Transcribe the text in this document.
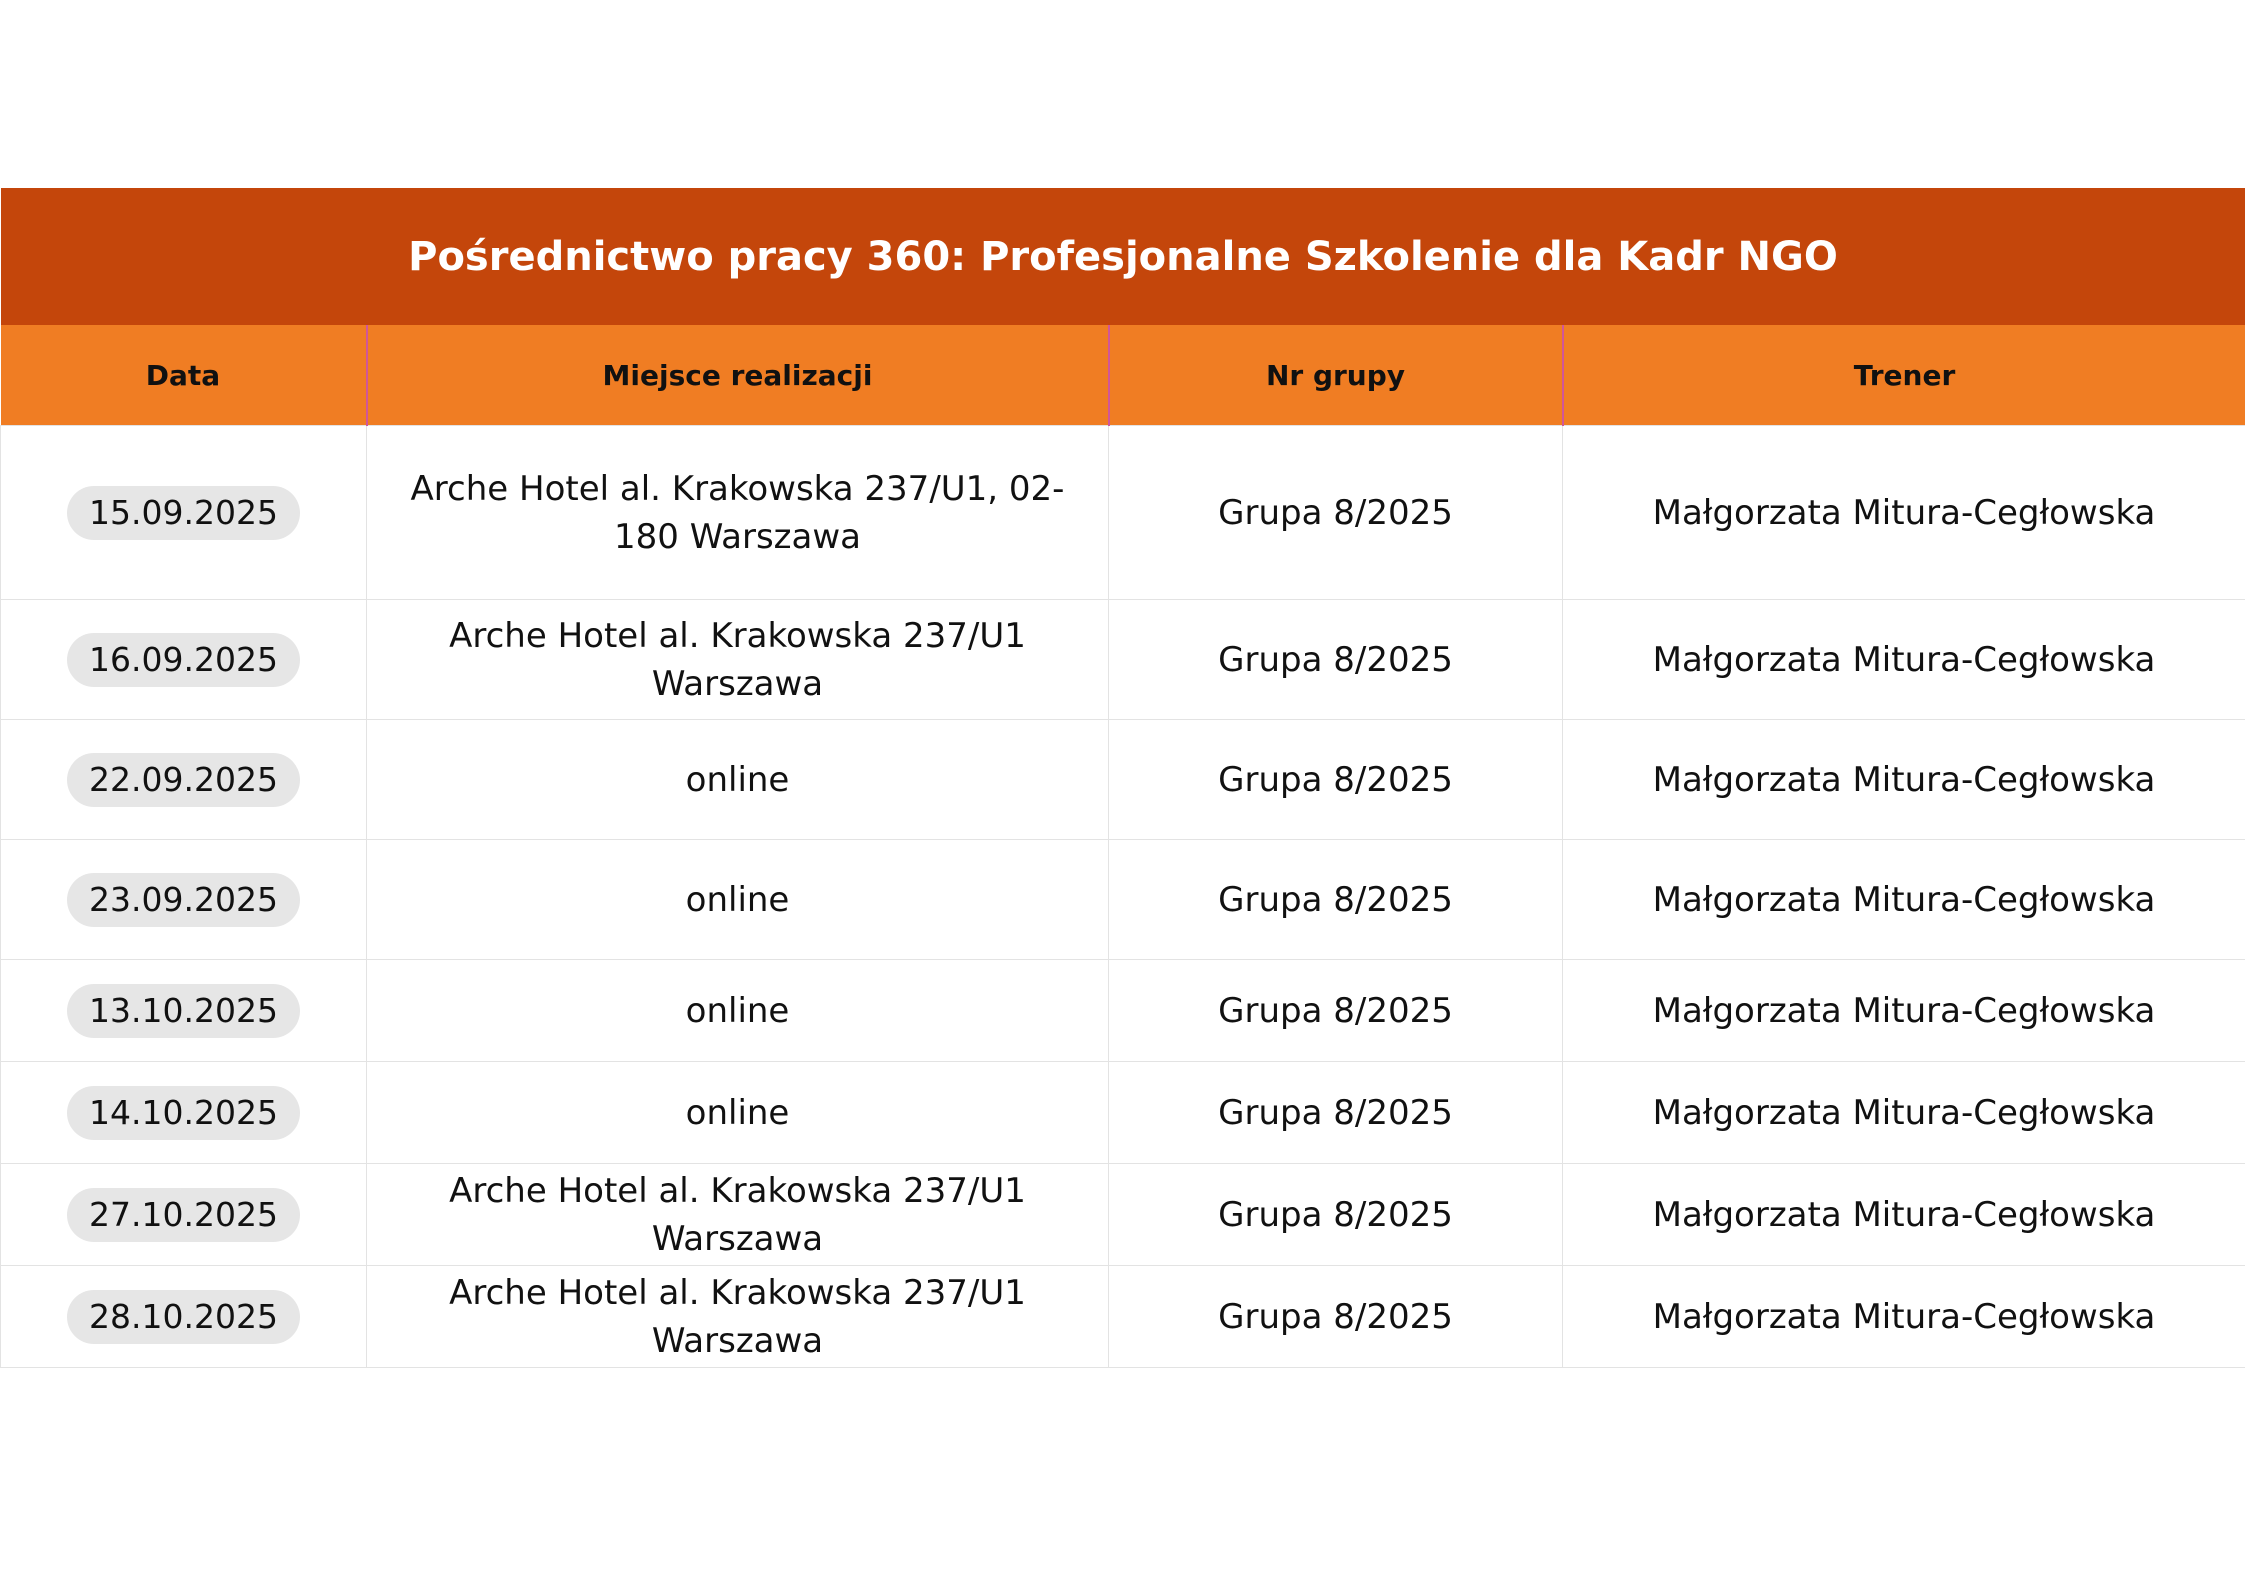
Pośrednictwo pracy 360: Profesjonalne Szkolenie dla Kadr NGO			
Data	Miejsce realizacji	Nr grupy	Trener
15.09.2025	Arche Hotel al. Krakowska 237/U1, 02-180 Warszawa	Grupa 8/2025	Małgorzata Mitura-Cegłowska
16.09.2025	Arche Hotel al. Krakowska 237/U1 Warszawa	Grupa 8/2025	Małgorzata Mitura-Cegłowska
22.09.2025	online	Grupa 8/2025	Małgorzata Mitura-Cegłowska
23.09.2025	online	Grupa 8/2025	Małgorzata Mitura-Cegłowska
13.10.2025	online	Grupa 8/2025	Małgorzata Mitura-Cegłowska
14.10.2025	online	Grupa 8/2025	Małgorzata Mitura-Cegłowska
27.10.2025	Arche Hotel al. Krakowska 237/U1 Warszawa	Grupa 8/2025	Małgorzata Mitura-Cegłowska
28.10.2025	Arche Hotel al. Krakowska 237/U1 Warszawa	Grupa 8/2025	Małgorzata Mitura-Cegłowska
